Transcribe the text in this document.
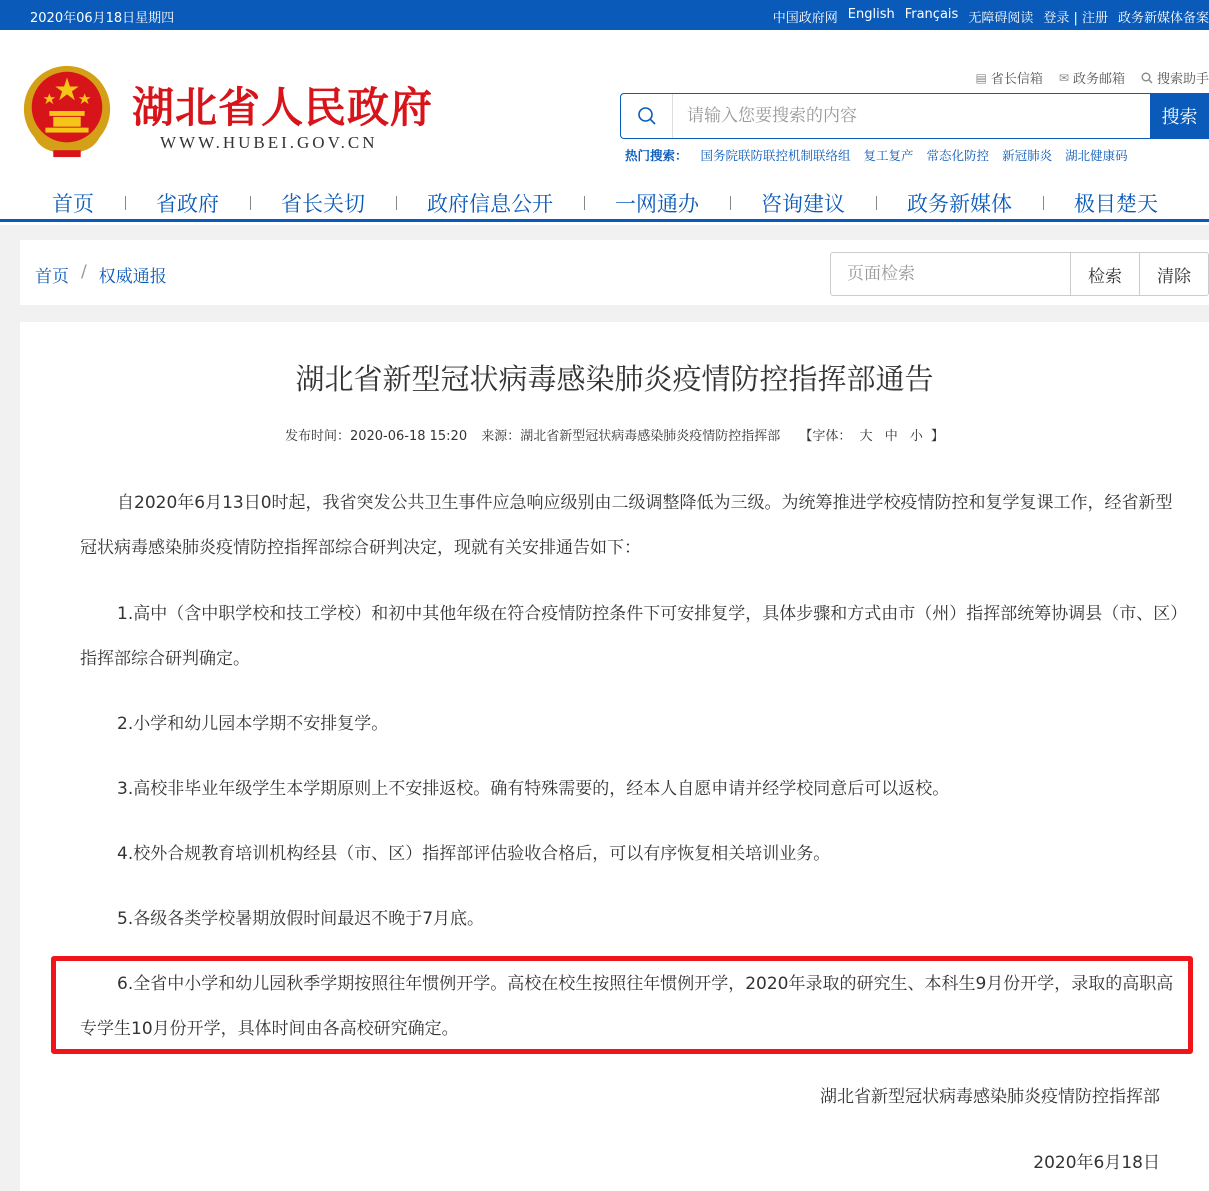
2020年06月18日星期四	中国政府网 English Français 无障碍阅读 登录 | 注册 政务新媒体备案
湖北省人民政府
WWW.HUBEI.GOV.CN
▤ 省长信箱 ✉ 政务邮箱 搜索助手
请输入您要搜索的内容
搜索
热门搜索： 国务院联防联控机制联络组 复工复产 常态化防控 新冠肺炎 湖北健康码
首页	省政府	省长关切	政府信息公开	一网通办	咨询建议	政务新媒体	极目楚天
首页 / 权威通报
页面检索	检索	清除
湖北省新型冠状病毒感染肺炎疫情防控指挥部通告
发布时间：2020-06-18 15:20 来源：湖北省新型冠状病毒感染肺炎疫情防控指挥部 【字体： 大 中 小 】

自2020年6月13日0时起，我省突发公共卫生事件应急响应级别由二级调整降低为三级。为统筹推进学校疫情防控和复学复课工作，经省新型冠状病毒感染肺炎疫情防控指挥部综合研判决定，现就有关安排通告如下：

1.高中（含中职学校和技工学校）和初中其他年级在符合疫情防控条件下可安排复学，具体步骤和方式由市（州）指挥部统筹协调县（市、区）指挥部综合研判确定。

2.小学和幼儿园本学期不安排复学。

3.高校非毕业年级学生本学期原则上不安排返校。确有特殊需要的，经本人自愿申请并经学校同意后可以返校。

4.校外合规教育培训机构经县（市、区）指挥部评估验收合格后，可以有序恢复相关培训业务。

5.各级各类学校暑期放假时间最迟不晚于7月底。

6.全省中小学和幼儿园秋季学期按照往年惯例开学。高校在校生按照往年惯例开学，2020年录取的研究生、本科生9月份开学，录取的高职高专学生10月份开学，具体时间由各高校研究确定。

湖北省新型冠状病毒感染肺炎疫情防控指挥部
2020年6月18日
